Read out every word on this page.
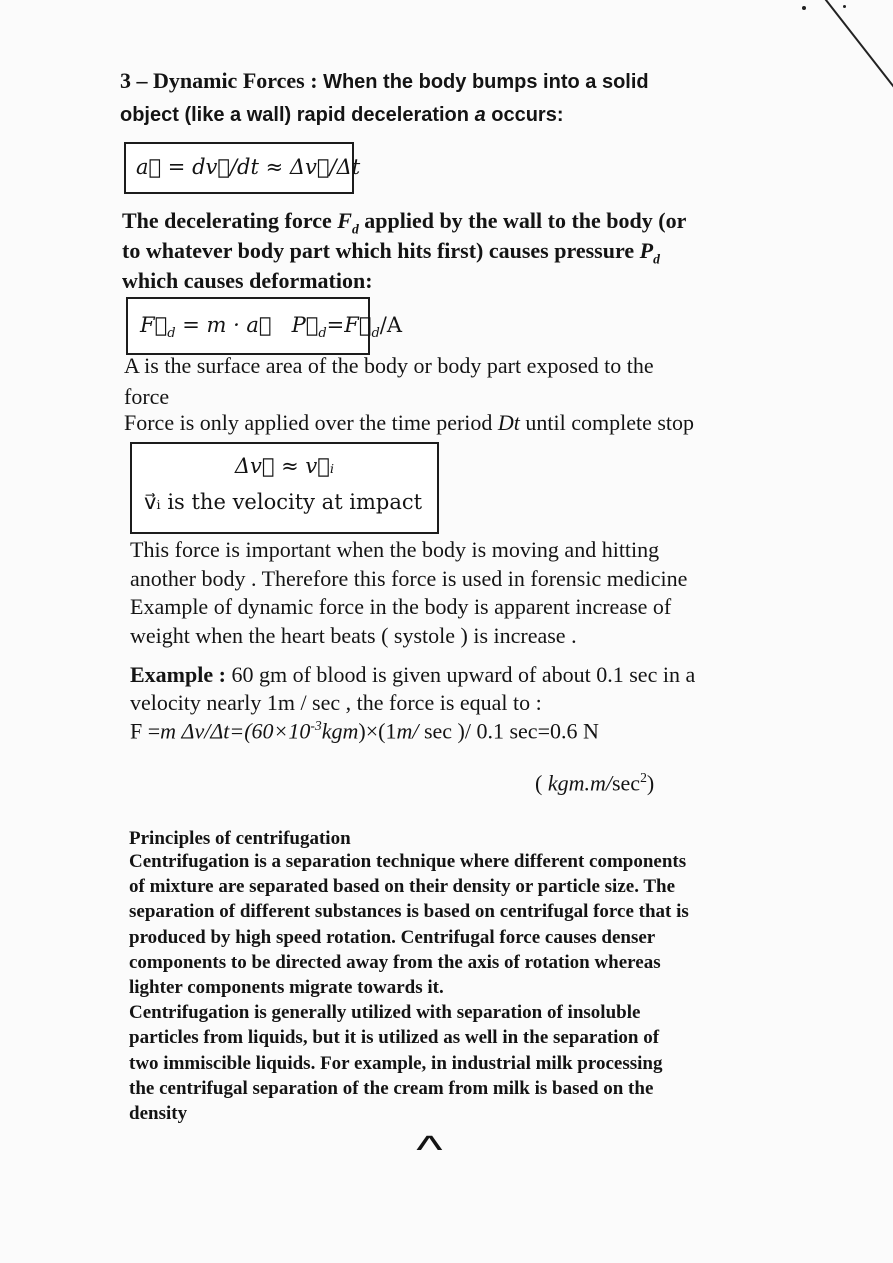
3 – Dynamic Forces : When the body bumps into a solid
object (like a wall) rapid deceleration a occurs:
a⃗ = dv⃗/dt ≈ Δv⃗/Δt
The decelerating force $F_d$ applied by the wall to the body (or
to whatever body part which hits first) causes pressure $P_d$
which causes deformation:
$F⃗_d = m$ · a⃗   $P⃗_d=F⃗_d/A$
A is the surface area of the body or body part exposed to the
force
Force is only applied over the time period Dt until complete stop
Δv⃗ ≈ v⃗ᵢ
v⃗ᵢ is the velocity at impact
This force is important when the body is moving and hitting
another body . Therefore this force is used in forensic medicine
Example of dynamic force in the body is apparent increase of
weight when the heart beats ( systole ) is increase .
Example : 60 gm of blood is given upward of about 0.1 sec in a
velocity nearly 1m / sec , the force is equal to :
F =m $\Delta v/\Delta t=(60\times 10^{-3}kgm)\times(1m/$ sec )/ 0.1 sec=0.6 N

( $kgm.m/\sec^2$)

Principles of centrifugation
Centrifugation is a separation technique where different components
of mixture are separated based on their density or particle size. The
separation of different substances is based on centrifugal force that is
produced by high speed rotation. Centrifugal force causes denser
components to be directed away from the axis of rotation whereas
lighter components migrate towards it.
Centrifugation is generally utilized with separation of insoluble
particles from liquids, but it is utilized as well in the separation of
two immiscible liquids. For example, in industrial milk processing
the centrifugal separation of the cream from milk is based on the
density
^
